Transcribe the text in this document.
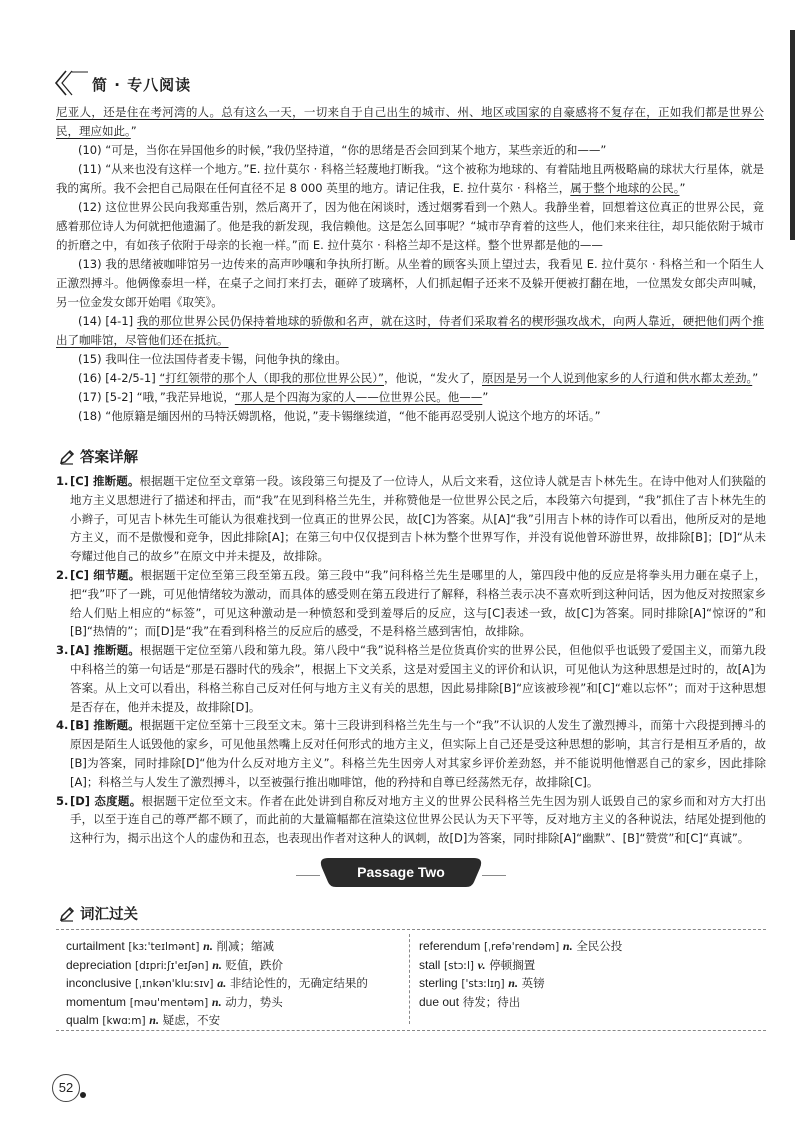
简 · 专八阅读

尼亚人，还是住在考河湾的人。总有这么一天，一切来自于自己出生的城市、州、地区或国家的自豪感将不复存在，正如我们都是世界公民，理应如此。”

(10) “可是，当你在异国他乡的时候，”我仍坚持道，“你的思绪是否会回到某个地方，某些亲近的和——”

(11) “从来也没有这样一个地方。”E. 拉什莫尔 · 科格兰轻蔑地打断我。“这个被称为地球的、有着陆地且两极略扁的球状大行星体，就是我的寓所。我不会把自己局限在任何直径不足 8 000 英里的地方。请记住我，E. 拉什莫尔 · 科格兰，属于整个地球的公民。”

(12) 这位世界公民向我郑重告别，然后离开了，因为他在闲谈时，透过烟雾看到一个熟人。我静坐着，回想着这位真正的世界公民，竟感着那位诗人为何就把他遗漏了。他是我的新发现，我信赖他。这是怎么回事呢？“城市孕育着的这些人，他们来来往往，却只能依附于城市的折磨之中，有如孩子依附于母亲的长袍一样。”而 E. 拉什莫尔 · 科格兰却不是这样。整个世界都是他的——

(13) 我的思绪被咖啡馆另一边传来的高声吵嚷和争执所打断。从坐着的顾客头顶上望过去，我看见 E. 拉什莫尔 · 科格兰和一个陌生人正激烈搏斗。他俩像泰坦一样，在桌子之间打来打去，砸碎了玻璃杯，人们抓起帽子还来不及躲开便被打翻在地，一位黑发女郎尖声叫喊，另一位金发女郎开始唱《取笑》。

(14) [4-1] 我的那位世界公民仍保持着地球的骄傲和名声，就在这时，侍者们采取着名的楔形强攻战术，向两人靠近，硬把他们两个推出了咖啡馆，尽管他们还在抵抗。

(15) 我叫住一位法国侍者麦卡锡，问他争执的缘由。

(16) [4-2/5-1] “打红领带的那个人（即我的那位世界公民）”，他说，“发火了，原因是另一个人说到他家乡的人行道和供水都太差劲。”

(17) [5-2] “哦，”我茫异地说，“那人是个四海为家的人——位世界公民。他——”

(18) “他原籍是缅因州的马特沃姆凯格，他说，”麦卡锡继续道，“他不能再忍受别人说这个地方的坏话。”

答案详解
1. [C] 推断题。根据题干定位至文章第一段。该段第三句提及了一位诗人，从后文来看，这位诗人就是吉卜林先生。在诗中他对人们狭隘的地方主义思想进行了描述和抨击，而“我”在见到科格兰先生，并称赞他是一位世界公民之后，本段第六句提到，“我”抓住了吉卜林先生的小辫子，可见吉卜林先生可能认为很难找到一位真正的世界公民，故[C]为答案。从[A]“我”引用吉卜林的诗作可以看出，他所反对的是地方主义，而不是傲慢和竞争，因此排除[A]；在第三句中仅仅提到吉卜林为整个世界写作，并没有说他曾环游世界，故排除[B]；[D]“从未夸耀过他自己的故乡”在原文中并未提及，故排除。
2. [C] 细节题。根据题干定位至第三段至第五段。第三段中“我”问科格兰先生是哪里的人，第四段中他的反应是将拳头用力砸在桌子上，把“我”吓了一跳，可见他情绪较为激动，而具体的感受则在第五段进行了解释，科格兰表示决不喜欢听到这种问话，因为他反对按照家乡给人们贴上相应的“标签”，可见这种激动是一种愤怒和受到羞辱后的反应，这与[C]表述一致，故[C]为答案。同时排除[A]“惊讶的”和[B]“热情的”；而[D]是“我”在看到科格兰的反应后的感受，不是科格兰感到害怕，故排除。
3. [A] 推断题。根据题干定位至第八段和第九段。第八段中“我”说科格兰是位货真价实的世界公民，但他似乎也诋毁了爱国主义，而第九段中科格兰的第一句话是“那是石器时代的残余”，根据上下文关系，这是对爱国主义的评价和认识，可见他认为这种思想是过时的，故[A]为答案。从上文可以看出，科格兰称自己反对任何与地方主义有关的思想，因此易排除[B]“应该被珍视”和[C]“难以忘怀”；而对于这种思想是否存在，他并未提及，故排除[D]。
4. [B] 推断题。根据题干定位至第十三段至文末。第十三段讲到科格兰先生与一个“我”不认识的人发生了激烈搏斗，而第十六段提到搏斗的原因是陌生人诋毁他的家乡，可见他虽然嘴上反对任何形式的地方主义，但实际上自己还是受这种思想的影响，其言行是相互矛盾的，故[B]为答案，同时排除[D]“他为什么反对地方主义”。科格兰先生因旁人对其家乡评价差劲怒，并不能说明他憎恶自己的家乡，因此排除[A]；科格兰与人发生了激烈搏斗，以至被强行推出咖啡馆，他的矜持和自尊已经荡然无存，故排除[C]。
5. [D] 态度题。根据题干定位至文末。作者在此处讲到自称反对地方主义的世界公民科格兰先生因为别人诋毁自己的家乡而和对方大打出手，以至于连自己的尊严都不顾了，而此前的大量篇幅都在渲染这位世界公民认为天下平等，反对地方主义的各种说法，结尾处提到他的这种行为，揭示出这个人的虚伪和丑态，也表现出作者对这种人的讽刺，故[D]为答案，同时排除[A]“幽默”、[B]“赞赏”和[C]“真诚”。
Passage Two
词汇过关
curtailment [kɜː'teɪlmənt] n. 削减；缩减
depreciation [dɪpriːʃɪ'eɪʃən] n. 贬值，跌价
inconclusive [ˌɪnkən'kluːsɪv] a. 非结论性的，无确定结果的
momentum [məu'mentəm] n. 动力，势头
qualm [kwɑːm] n. 疑虑，不安
referendum [ˌrefə'rendəm] n. 全民公投
stall [stɔːl] v. 停顿搁置
sterling ['stɜːlɪŋ] n. 英镑
due out 待发；待出
52
